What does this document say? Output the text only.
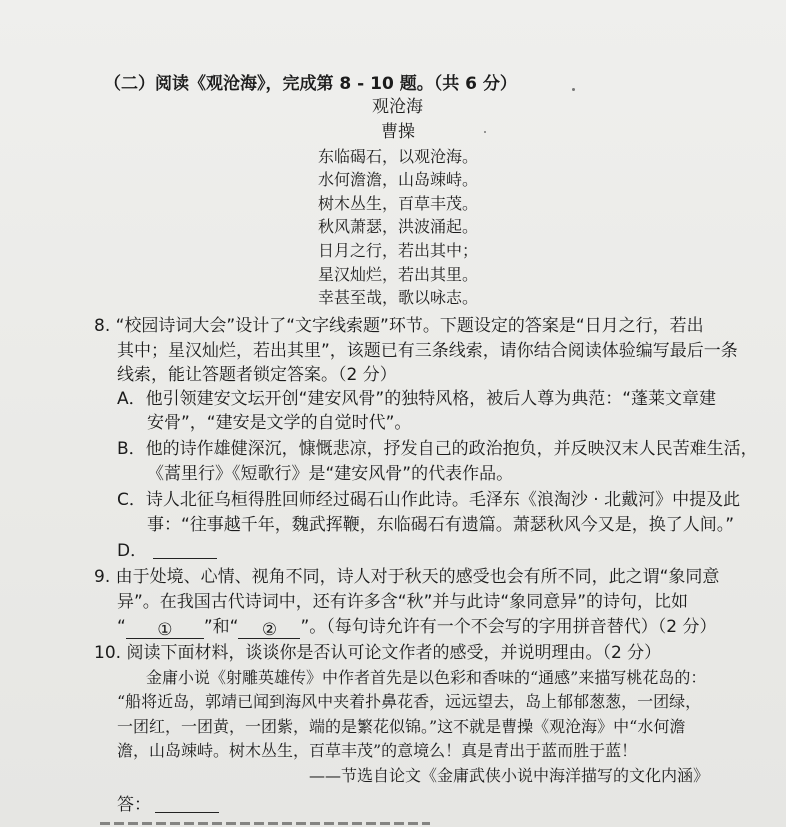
（二）阅读《观沧海》，完成第 8 - 10 题。（共 6 分）
观沧海
曹操
东临碣石，以观沧海。
水何澹澹，山岛竦峙。
树木丛生，百草丰茂。
秋风萧瑟，洪波涌起。
日月之行，若出其中；
星汉灿烂，若出其里。
幸甚至哉，歌以咏志。
8. “校园诗词大会”设计了“文字线索题”环节。下题设定的答案是“日月之行，若出
其中；星汉灿烂，若出其里”，该题已有三条线索，请你结合阅读体验编写最后一条
线索，能让答题者锁定答案。（2 分）
A．他引领建安文坛开创“建安风骨”的独特风格，被后人尊为典范：“蓬莱文章建
安骨”，“建安是文学的自觉时代”。
B．他的诗作雄健深沉，慷慨悲凉，抒发自己的政治抱负，并反映汉末人民苦难生活，
《蒿里行》《短歌行》是“建安风骨”的代表作品。
C．诗人北征乌桓得胜回师经过碣石山作此诗。毛泽东《浪淘沙 · 北戴河》中提及此
事：“往事越千年，魏武挥鞭，东临碣石有遗篇。萧瑟秋风今又是，换了人间。”
D．
9. 由于处境、心情、视角不同，诗人对于秋天的感受也会有所不同，此之谓“象同意
异”。在我国古代诗词中，还有许多含“秋”并与此诗“象同意异”的诗句，比如
“ ① ”和“ ② ”。（每句诗允许有一个不会写的字用拼音替代）（2 分）
10. 阅读下面材料，谈谈你是否认可论文作者的感受，并说明理由。（2 分）
金庸小说《射雕英雄传》中作者首先是以色彩和香味的“通感”来描写桃花岛的：
“船将近岛，郭靖已闻到海风中夹着扑鼻花香，远远望去，岛上郁郁葱葱，一团绿，
一团红，一团黄，一团紫，端的是繁花似锦。”这不就是曹操《观沧海》中“水何澹
澹，山岛竦峙。树木丛生，百草丰茂”的意境么！真是青出于蓝而胜于蓝！
——节选自论文《金庸武侠小说中海洋描写的文化内涵》
答：
